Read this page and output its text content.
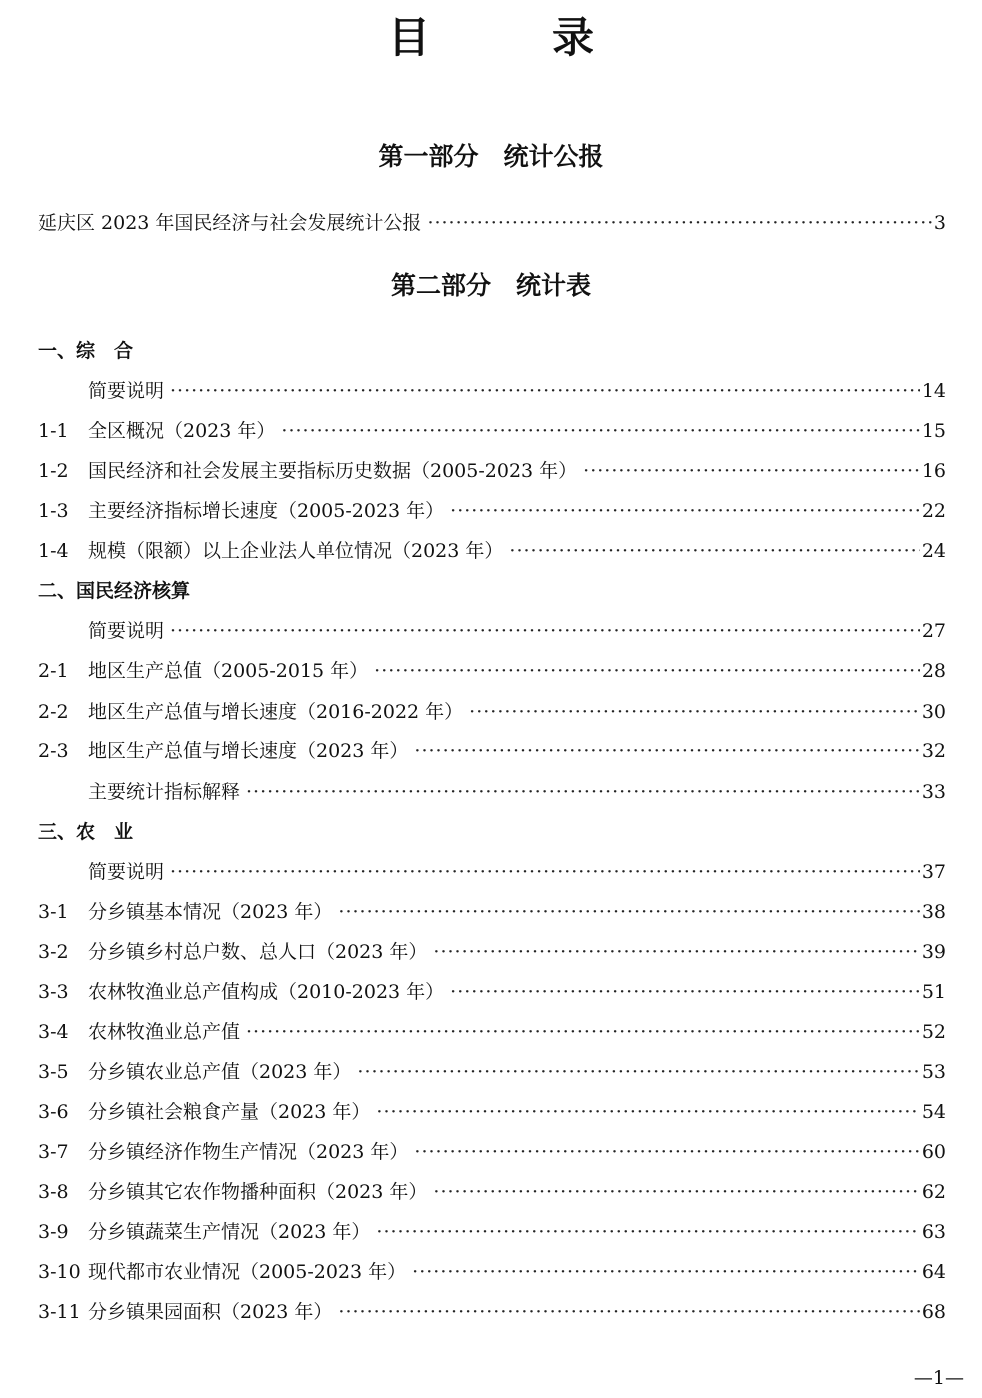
目　录
第一部分　统计公报
延庆区 2023 年国民经济与社会发展统计公报 ·····	3
第二部分　统计表
一、综　合
简要说明 ·····	14
1-1	全区概况（2023 年） ·····	15
1-2	国民经济和社会发展主要指标历史数据（2005-2023 年） ·····	16
1-3	主要经济指标增长速度（2005-2023 年） ·····	22
1-4	规模（限额）以上企业法人单位情况（2023 年） ·····	24
二、国民经济核算
简要说明 ·····	27
2-1	地区生产总值（2005-2015 年） ·····	28
2-2	地区生产总值与增长速度（2016-2022 年） ·····	30
2-3	地区生产总值与增长速度（2023 年） ·····	32
主要统计指标解释 ·····	33
三、农　业
简要说明 ·····	37
3-1	分乡镇基本情况（2023 年） ·····	38
3-2	分乡镇乡村总户数、总人口（2023 年） ·····	39
3-3	农林牧渔业总产值构成（2010-2023 年） ·····	51
3-4	农林牧渔业总产值 ·····	52
3-5	分乡镇农业总产值（2023 年） ·····	53
3-6	分乡镇社会粮食产量（2023 年） ·····	54
3-7	分乡镇经济作物生产情况（2023 年） ·····	60
3-8	分乡镇其它农作物播种面积（2023 年） ·····	62
3-9	分乡镇蔬菜生产情况（2023 年） ·····	63
3-10 现代都市农业情况（2005-2023 年） ·····	64
3-11 分乡镇果园面积（2023 年） ·····	68
—1—
